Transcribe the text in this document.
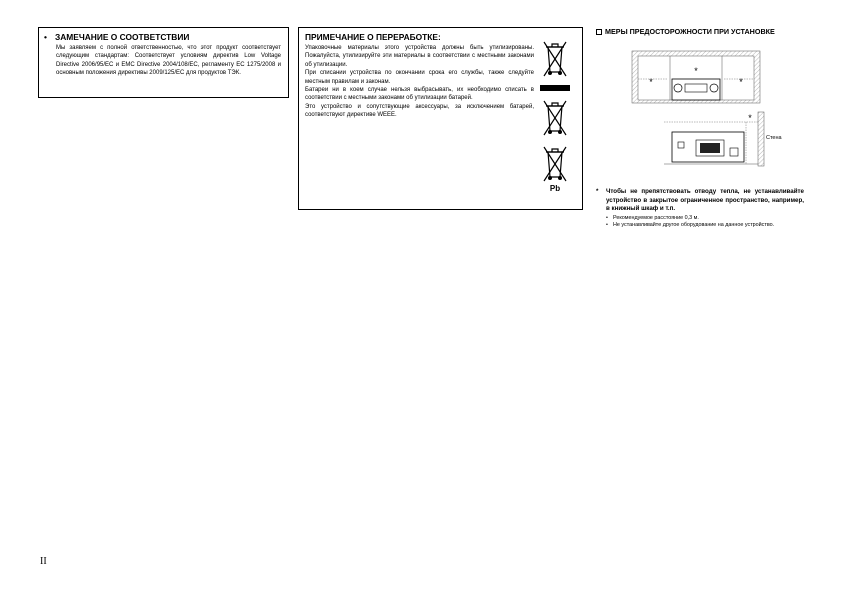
• ЗАМЕЧАНИЕ О СООТВЕТСТВИИ
Мы заявляем с полной ответственностью, что этот продукт соответствует следующим стандартам: Соответствует условиям директив Low Voltage Directive 2006/95/EC и EMC Directive 2004/108/EC, регламенту EC 1275/2008 и основным положения директивы 2009/125/EC для продуктов ТЭК.
ПРИМЕЧАНИЕ О ПЕРЕРАБОТКЕ:
Упаковочные материалы этого устройства должны быть утилизированы. Пожалуйста, утилизируйте эти материалы в соответствии с местными законами об утилизации.
При списании устройства по окончании срока его службы, также следуйте местным правилам и законам.
Батареи ни в коем случае нельзя выбрасывать, их необходимо списать в соответствии с местными законами об утилизации батарей.
Это устройство и сопутствующие аксессуары, за исключением батарей, соответствуют директиве WEEE.
Pb
МЕРЫ ПРЕДОСТОРОЖНОСТИ ПРИ УСТАНОВКЕ
*	*
*
*
Стена
* Чтобы не препятствовать отводу тепла, не устанавливайте устройство в закрытое ограниченное пространство, например, в книжный шкаф и т.п.
• Рекомендуемое расстояние 0,3 м.
• Не устанавливайте другое оборудование на данное устройство.
II
